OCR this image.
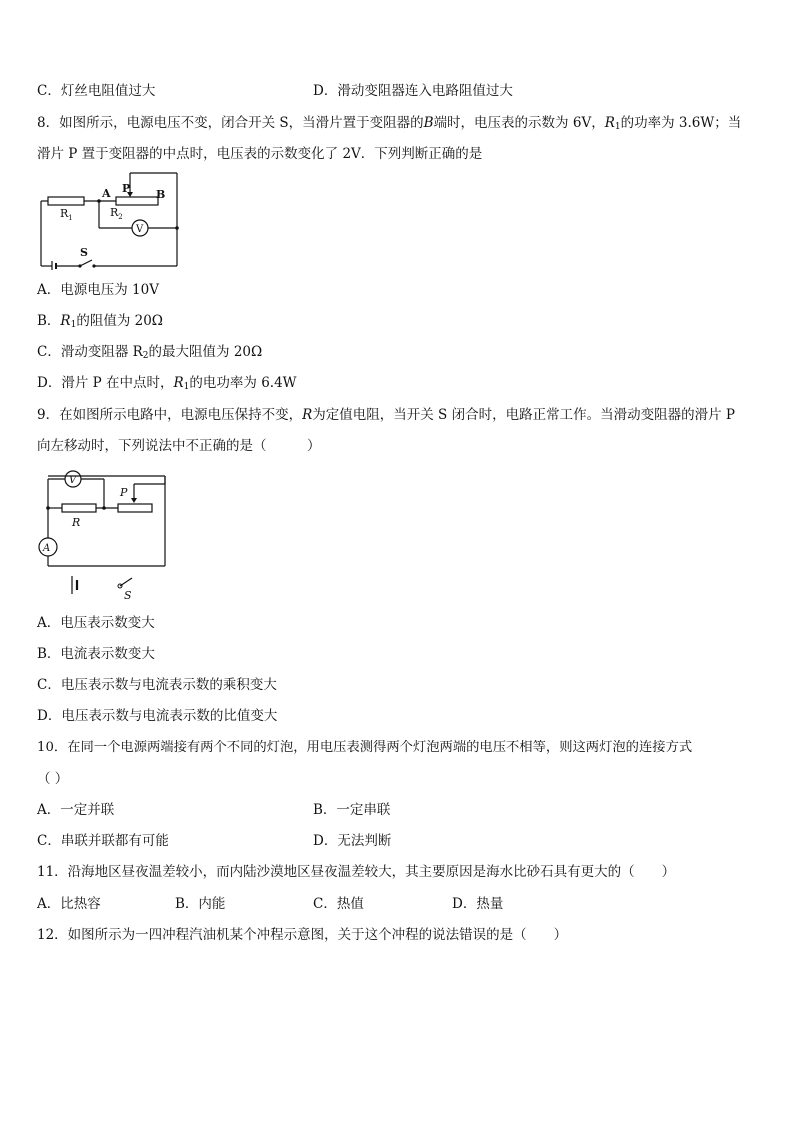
C．灯丝电阻值过大	D．滑动变阻器连入电路阻值过大
8．如图所示，电源电压不变，闭合开关 S，当滑片置于变阻器的B端时，电压表的示数为 6V，$R_1$的功率为 3.6W；当
滑片 P 置于变阻器的中点时，电压表的示数变化了 2V．下列判断正确的是
A P B
$R_1$	$R_2$
V
S
A．电源电压为 10V
B．$R_1$的阻值为 20Ω
C．滑动变阻器 $R_2$的最大阻值为 20Ω
D．滑片 P 在中点时，$R_1$的电功率为 6.4W
9．在如图所示电路中，电源电压保持不变，R为定值电阻，当开关 S 闭合时，电路正常工作。当滑动变阻器的滑片 P
向左移动时，下列说法中不正确的是（　　　）
V
P
R
A
S
A．电压表示数变大
B．电流表示数变大
C．电压表示数与电流表示数的乘积变大
D．电压表示数与电流表示数的比值变大
10．在同一个电源两端接有两个不同的灯泡，用电压表测得两个灯泡两端的电压不相等，则这两灯泡的连接方式
（ ）
A．一定并联	B．一定串联
C．串联并联都有可能	D．无法判断
11．沿海地区昼夜温差较小，而内陆沙漠地区昼夜温差较大，其主要原因是海水比砂石具有更大的（　　）
A．比热容	B．内能	C．热值	D．热量
12．如图所示为一四冲程汽油机某个冲程示意图，关于这个冲程的说法错误的是（　　）
